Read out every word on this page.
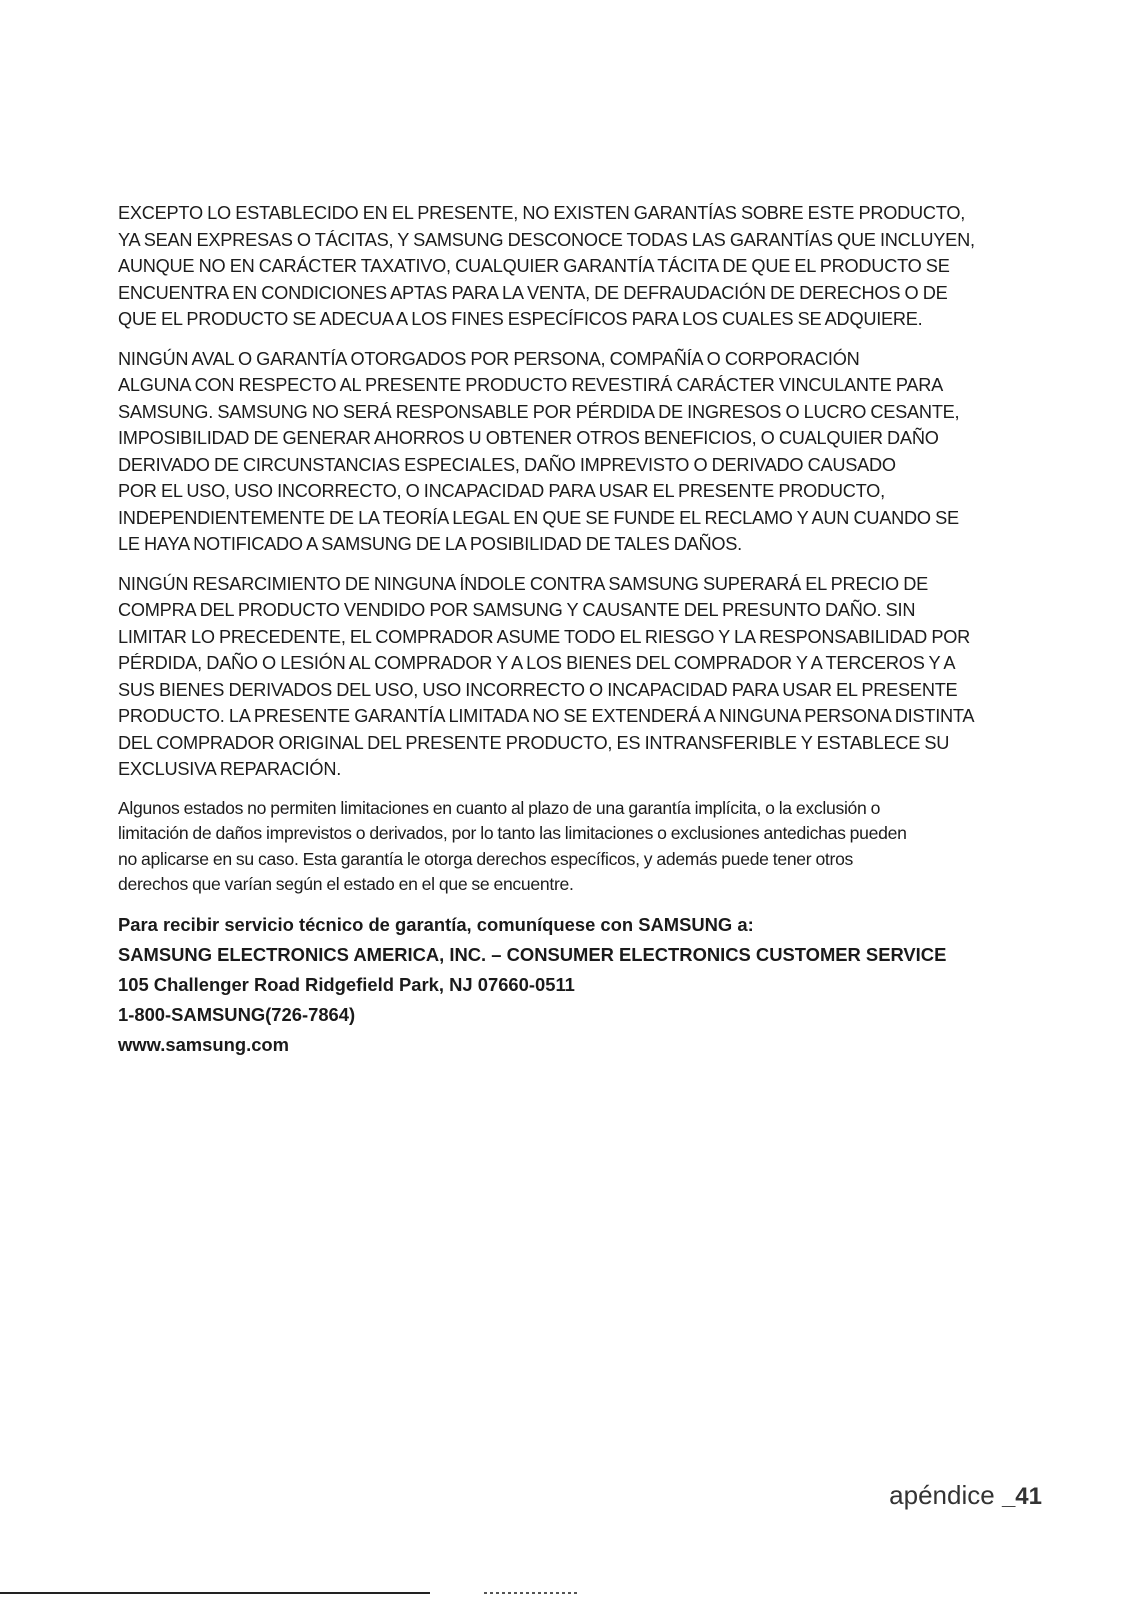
EXCEPTO LO ESTABLECIDO EN EL PRESENTE, NO EXISTEN GARANTÍAS SOBRE ESTE PRODUCTO,
YA SEAN EXPRESAS O TÁCITAS, Y SAMSUNG DESCONOCE TODAS LAS GARANTÍAS QUE INCLUYEN,
AUNQUE NO EN CARÁCTER TAXATIVO, CUALQUIER GARANTÍA TÁCITA DE QUE EL PRODUCTO SE
ENCUENTRA EN CONDICIONES APTAS PARA LA VENTA, DE DEFRAUDACIÓN DE DERECHOS O DE
QUE EL PRODUCTO SE ADECUA A LOS FINES ESPECÍFICOS PARA LOS CUALES SE ADQUIERE.

NINGÚN AVAL O GARANTÍA OTORGADOS POR PERSONA, COMPAÑÍA O CORPORACIÓN
ALGUNA CON RESPECTO AL PRESENTE PRODUCTO REVESTIRÁ CARÁCTER VINCULANTE PARA
SAMSUNG. SAMSUNG NO SERÁ RESPONSABLE POR PÉRDIDA DE INGRESOS O LUCRO CESANTE,
IMPOSIBILIDAD DE GENERAR AHORROS U OBTENER OTROS BENEFICIOS, O CUALQUIER DAÑO
DERIVADO DE CIRCUNSTANCIAS ESPECIALES, DAÑO IMPREVISTO O DERIVADO CAUSADO
POR EL USO, USO INCORRECTO, O INCAPACIDAD PARA USAR EL PRESENTE PRODUCTO,
INDEPENDIENTEMENTE DE LA TEORÍA LEGAL EN QUE SE FUNDE EL RECLAMO Y AUN CUANDO SE
LE HAYA NOTIFICADO A SAMSUNG DE LA POSIBILIDAD DE TALES DAÑOS.

NINGÚN RESARCIMIENTO DE NINGUNA ÍNDOLE CONTRA SAMSUNG SUPERARÁ EL PRECIO DE
COMPRA DEL PRODUCTO VENDIDO POR SAMSUNG Y CAUSANTE DEL PRESUNTO DAÑO. SIN
LIMITAR LO PRECEDENTE, EL COMPRADOR ASUME TODO EL RIESGO Y LA RESPONSABILIDAD POR
PÉRDIDA, DAÑO O LESIÓN AL COMPRADOR Y A LOS BIENES DEL COMPRADOR Y A TERCEROS Y A
SUS BIENES DERIVADOS DEL USO, USO INCORRECTO O INCAPACIDAD PARA USAR EL PRESENTE
PRODUCTO. LA PRESENTE GARANTÍA LIMITADA NO SE EXTENDERÁ A NINGUNA PERSONA DISTINTA
DEL COMPRADOR ORIGINAL DEL PRESENTE PRODUCTO, ES INTRANSFERIBLE Y ESTABLECE SU
EXCLUSIVA REPARACIÓN.

Algunos estados no permiten limitaciones en cuanto al plazo de una garantía implícita, o la exclusión o
limitación de daños imprevistos o derivados, por lo tanto las limitaciones o exclusiones antedichas pueden
no aplicarse en su caso. Esta garantía le otorga derechos específicos, y además puede tener otros
derechos que varían según el estado en el que se encuentre.

Para recibir servicio técnico de garantía, comuníquese con SAMSUNG a:
SAMSUNG ELECTRONICS AMERICA, INC. – CONSUMER ELECTRONICS CUSTOMER SERVICE
105 Challenger Road Ridgefield Park, NJ 07660-0511
1-800-SAMSUNG(726-7864)
www.samsung.com
apéndice _41
